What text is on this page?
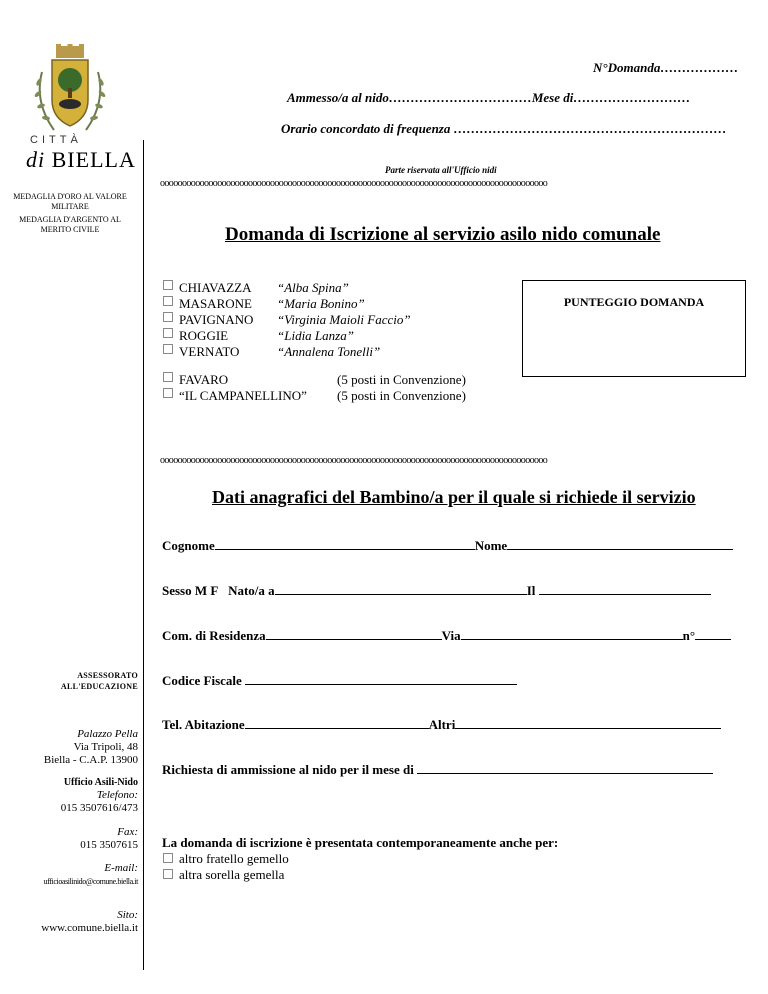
CITTÀ
di BIELLA
MEDAGLIA D'ORO AL VALORE MILITARE
MEDAGLIA D'ARGENTO AL MERITO CIVILE
ASSESSORATO ALL'EDUCAZIONE
Palazzo Pella
Via Tripoli, 48
Biella - C.A.P. 13900
Ufficio Asili-Nido
Telefono:
015 3507616/473
Fax:
015 3507615
E-mail:
ufficioasilinido@comune.biella.it
Sito:
www.comune.biella.it
N°Domanda………………
Ammesso/a al nido……………………………Mese di………………………
Orario concordato di frequenza ………………………………………………………
Parte riservata all'Ufficio nidi
oooooooooooooooooooooooooooooooooooooooooooooooooooooooooooooooooooooooooooooooooooooooo
Domanda di Iscrizione al servizio asilo nido comunale
CHIAVAZZA	“Alba Spina”
MASARONE	“Maria Bonino”
PAVIGNANO	“Virginia Maioli Faccio”
ROGGIE	“Lidia Lanza”
VERNATO	“Annalena Tonelli”
PUNTEGGIO DOMANDA
FAVARO	(5 posti in Convenzione)
“IL CAMPANELLINO”	(5 posti in Convenzione)
oooooooooooooooooooooooooooooooooooooooooooooooooooooooooooooooooooooooooooooooooooooooo
Dati anagrafici del Bambino/a per il quale si richiede il servizio
Cognome	Nome
Sesso M F Nato/a a	Il
Com. di Residenza	Via	n°
Codice Fiscale
Tel. Abitazione	Altri
Richiesta di ammissione al nido per il mese di
La domanda di iscrizione è presentata contemporaneamente anche per:
altro fratello gemello
altra sorella gemella
